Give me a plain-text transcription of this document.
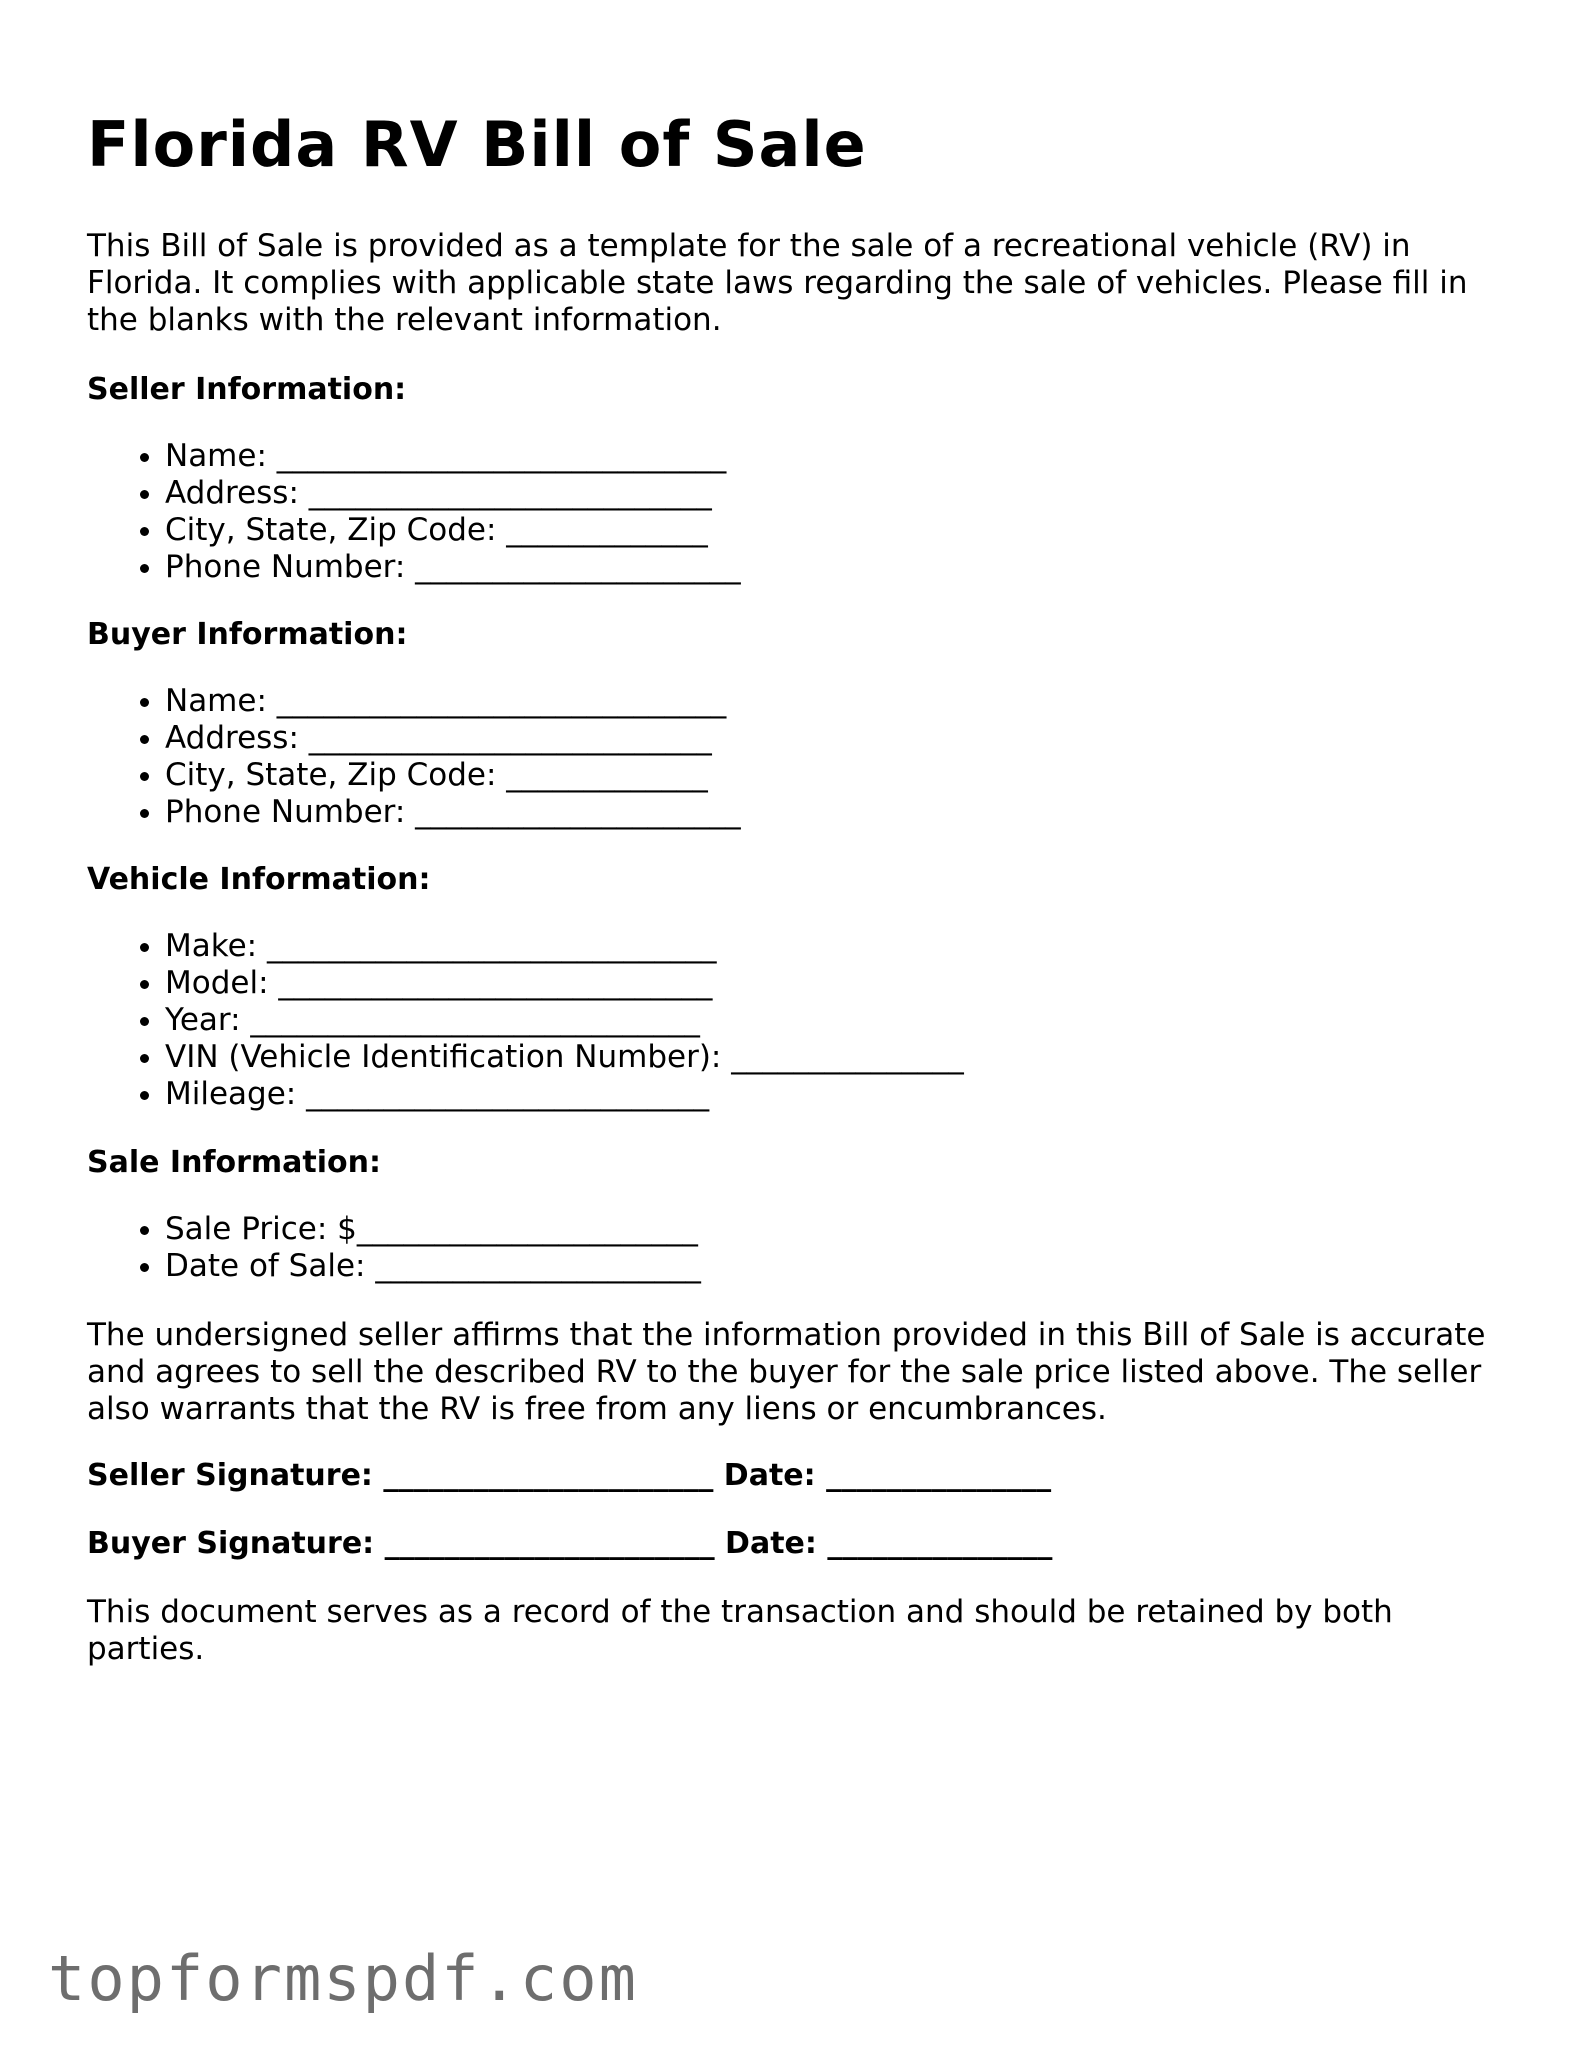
Florida RV Bill of Sale

This Bill of Sale is provided as a template for the sale of a recreational vehicle (RV) in Florida. It complies with applicable state laws regarding the sale of vehicles. Please fill in the blanks with the relevant information.

Seller Information:

• Name: _____________________________
• Address: __________________________
• City, State, Zip Code: _____________
• Phone Number: _____________________

Buyer Information:

• Name: _____________________________
• Address: __________________________
• City, State, Zip Code: _____________
• Phone Number: _____________________

Vehicle Information:

• Make: _____________________________
• Model: ____________________________
• Year: _____________________________
• VIN (Vehicle Identification Number): _______________
• Mileage: __________________________

Sale Information:

• Sale Price: $______________________
• Date of Sale: _____________________

The undersigned seller affirms that the information provided in this Bill of Sale is accurate and agrees to sell the described RV to the buyer for the sale price listed above. The seller also warrants that the RV is free from any liens or encumbrances.

Seller Signature: ______________________ Date: _______________

Buyer Signature: ______________________ Date: _______________

This document serves as a record of the transaction and should be retained by both parties.

topformspdf.com
